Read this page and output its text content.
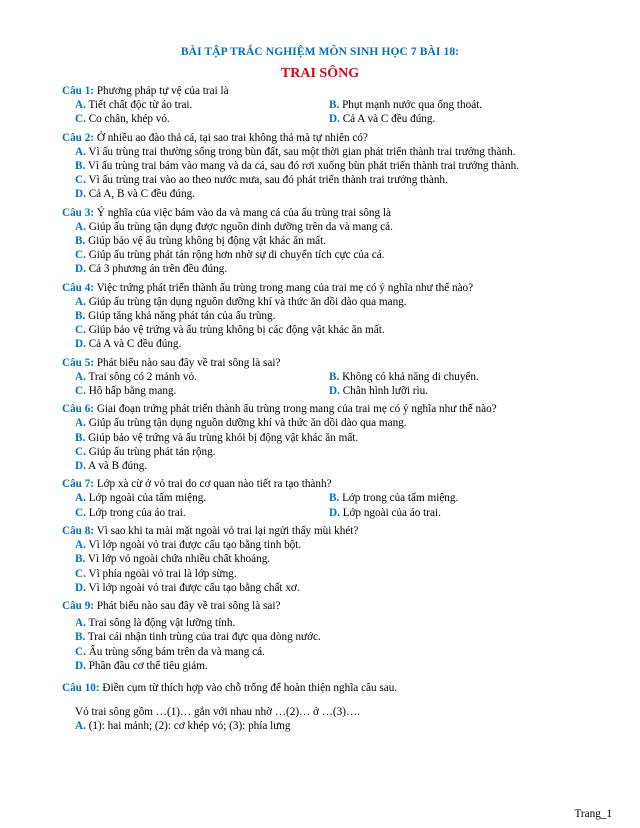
BÀI TẬP TRẮC NGHIỆM MÔN SINH HỌC 7 BÀI 18:
TRAI SÔNG
Câu 1: Phương pháp tự vệ của trai là
A. Tiết chất độc từ áo trai.	B. Phụt mạnh nước qua ống thoát.
C. Co chân, khép vỏ.	D. Cả A và C đều đúng.
Câu 2: Ở nhiều ao đào thả cá, tại sao trai không thả mà tự nhiên có?
A. Vì ấu trùng trai thường sống trong bùn đất, sau một thời gian phát triển thành trai trưởng thành.
B. Vì ấu trùng trai bám vào mang và da cá, sau đó rơi xuống bùn phát triển thành trai trưởng thành.
C. Vì ấu trùng trai vào ao theo nước mưa, sau đó phát triển thành trai trưởng thành.
D. Cả A, B và C đều đúng.
Câu 3: Ý nghĩa của việc bám vào da và mang cá của ấu trùng trai sông là
A. Giúp ấu trùng tận dụng được nguồn dinh dưỡng trên da và mang cá.
B. Giúp bảo vệ ấu trùng không bị động vật khác ăn mất.
C. Giúp ấu trùng phát tán rộng hơn nhờ sự di chuyển tích cực của cá.
D. Cả 3 phương án trên đều đúng.
Câu 4: Việc trứng phát triển thành ấu trùng trong mang của trai mẹ có ý nghĩa như thế nào?
A. Giúp ấu trùng tận dụng nguồn dưỡng khí và thức ăn dồi dào qua mang.
B. Giúp tăng khả năng phát tán của ấu trùng.
C. Giúp bảo vệ trứng và ấu trùng không bị các động vật khác ăn mất.
D. Cả A và C đều đúng.
Câu 5: Phát biểu nào sau đây về trai sông là sai?
A. Trai sông có 2 mảnh vỏ.	B. Không có khả năng di chuyển.
C. Hô hấp bằng mang.	D. Chân hình lưỡi rìu.
Câu 6: Giai đoạn trứng phát triển thành ấu trùng trong mang của trai mẹ có ý nghĩa như thế nào?
A. Giúp ấu trùng tận dụng nguồn dưỡng khí và thức ăn dồi dào qua mang.
B. Giúp bảo vệ trứng và ấu trùng khỏi bị động vật khác ăn mất.
C. Giúp ấu trùng phát tán rộng.
D. A và B đúng.
Câu 7: Lớp xà cừ ở vỏ trai do cơ quan nào tiết ra tạo thành?
A. Lớp ngoài của tấm miệng.	B. Lớp trong của tấm miệng.
C. Lớp trong của áo trai.	D. Lớp ngoài của áo trai.
Câu 8: Vì sao khi ta mài mặt ngoài vỏ trai lại ngửi thấy mùi khét?
A. Vì lớp ngoài vỏ trai được cấu tạo bằng tinh bột.
B. Vì lớp vỏ ngoài chứa nhiều chất khoáng.
C. Vì phía ngoài vỏ trai là lớp sừng.
D. Vì lớp ngoài vỏ trai được cấu tạo bằng chất xơ.
Câu 9: Phát biểu nào sau đây về trai sông là sai?
A. Trai sông là động vật lưỡng tính.
B. Trai cái nhận tinh trùng của trai đực qua dòng nước.
C. Ấu trùng sống bám trên da và mang cá.
D. Phần đầu cơ thể tiêu giảm.
Câu 10: Điền cụm từ thích hợp vào chỗ trống để hoàn thiện nghĩa câu sau.
Vỏ trai sông gồm …(1)… gắn với nhau nhờ …(2)… ở …(3)….
A. (1): hai mảnh; (2): cơ khép vỏ; (3): phía lưng
Trang_1
